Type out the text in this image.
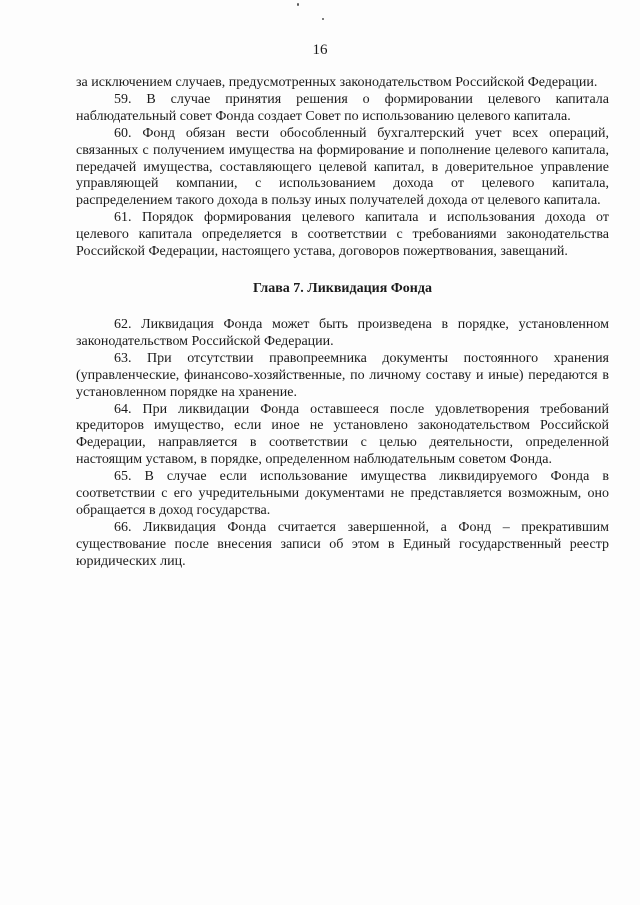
16

за исключением случаев, предусмотренных законодательством Российской Федерации.

59. В случае принятия решения о формировании целевого капитала наблюдательный совет Фонда создает Совет по использованию целевого капитала.

60. Фонд обязан вести обособленный бухгалтерский учет всех операций, связанных с получением имущества на формирование и пополнение целевого капитала, передачей имущества, составляющего целевой капитал, в доверительное управление управляющей компании, с использованием дохода от целевого капитала, распределением такого дохода в пользу иных получателей дохода от целевого капитала.

61. Порядок формирования целевого капитала и использования дохода от целевого капитала определяется в соответствии с требованиями законодательства Российской Федерации, настоящего устава, договоров пожертвования, завещаний.

Глава 7. Ликвидация Фонда

62. Ликвидация Фонда может быть произведена в порядке, установленном законодательством Российской Федерации.

63. При отсутствии правопреемника документы постоянного хранения (управленческие, финансово-хозяйственные, по личному составу и иные) передаются в установленном порядке на хранение.

64. При ликвидации Фонда оставшееся после удовлетворения требований кредиторов имущество, если иное не установлено законодательством Российской Федерации, направляется в соответствии с целью деятельности, определенной настоящим уставом, в порядке, определенном наблюдательным советом Фонда.

65. В случае если использование имущества ликвидируемого Фонда в соответствии с его учредительными документами не представляется возможным, оно обращается в доход государства.

66. Ликвидация Фонда считается завершенной, а Фонд – прекратившим существование после внесения записи об этом в Единый государственный реестр юридических лиц.
